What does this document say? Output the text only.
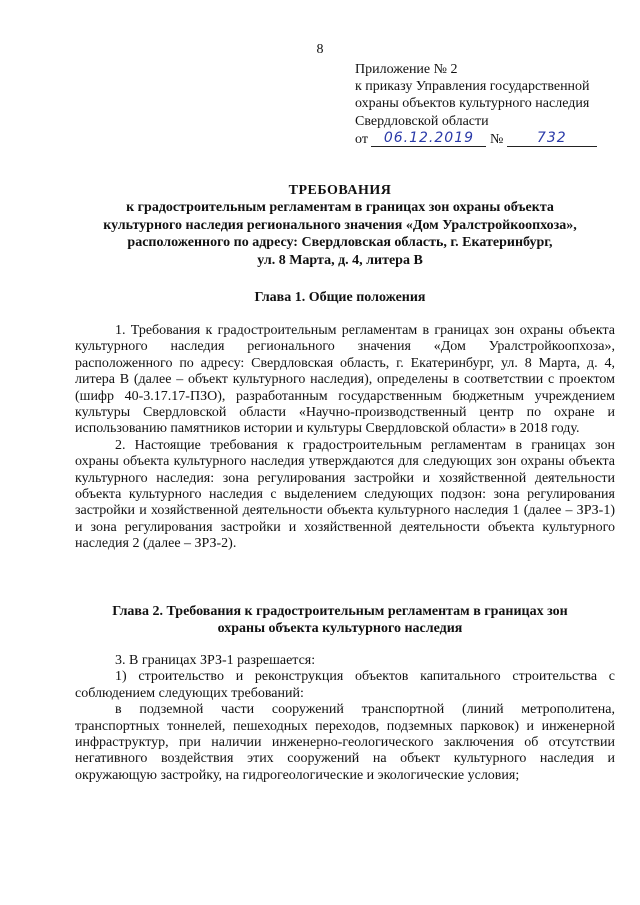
8
Приложение № 2
к приказу Управления государственной
охраны объектов культурного наследия
Свердловской области
от 06.12.2019 № 732
ТРЕБОВАНИЯ
к градостроительным регламентам в границах зон охраны объекта
культурного наследия регионального значения «Дом Уралстройкоопхоза»,
расположенного по адресу: Свердловская область, г. Екатеринбург,
ул. 8 Марта, д. 4, литера В
Глава 1. Общие положения

1. Требования к градостроительным регламентам в границах зон охраны объекта культурного наследия регионального значения «Дом Уралстройкоопхоза», расположенного по адресу: Свердловская область, г. Екатеринбург, ул. 8 Марта, д. 4, литера В (далее – объект культурного наследия), определены в соответствии с проектом (шифр 40-3.17.17-ПЗО), разработанным государственным бюджетным учреждением культуры Свердловской области «Научно-производственный центр по охране и использованию памятников истории и культуры Свердловской области» в 2018 году.

2. Настоящие требования к градостроительным регламентам в границах зон охраны объекта культурного наследия утверждаются для следующих зон охраны объекта культурного наследия: зона регулирования застройки и хозяйственной деятельности объекта культурного наследия с выделением следующих подзон: зона регулирования застройки и хозяйственной деятельности объекта культурного наследия 1 (далее – ЗРЗ-1) и зона регулирования застройки и хозяйственной деятельности объекта культурного наследия 2 (далее – ЗРЗ-2).

Глава 2. Требования к градостроительным регламентам в границах зон
охраны объекта культурного наследия

3. В границах ЗРЗ-1 разрешается:

1) строительство и реконструкция объектов капитального строительства с соблюдением следующих требований:

в подземной части сооружений транспортной (линий метрополитена, транспортных тоннелей, пешеходных переходов, подземных парковок) и инженерной инфраструктур, при наличии инженерно-геологического заключения об отсутствии негативного воздействия этих сооружений на объект культурного наследия и окружающую застройку, на гидрогеологические и экологические условия;
